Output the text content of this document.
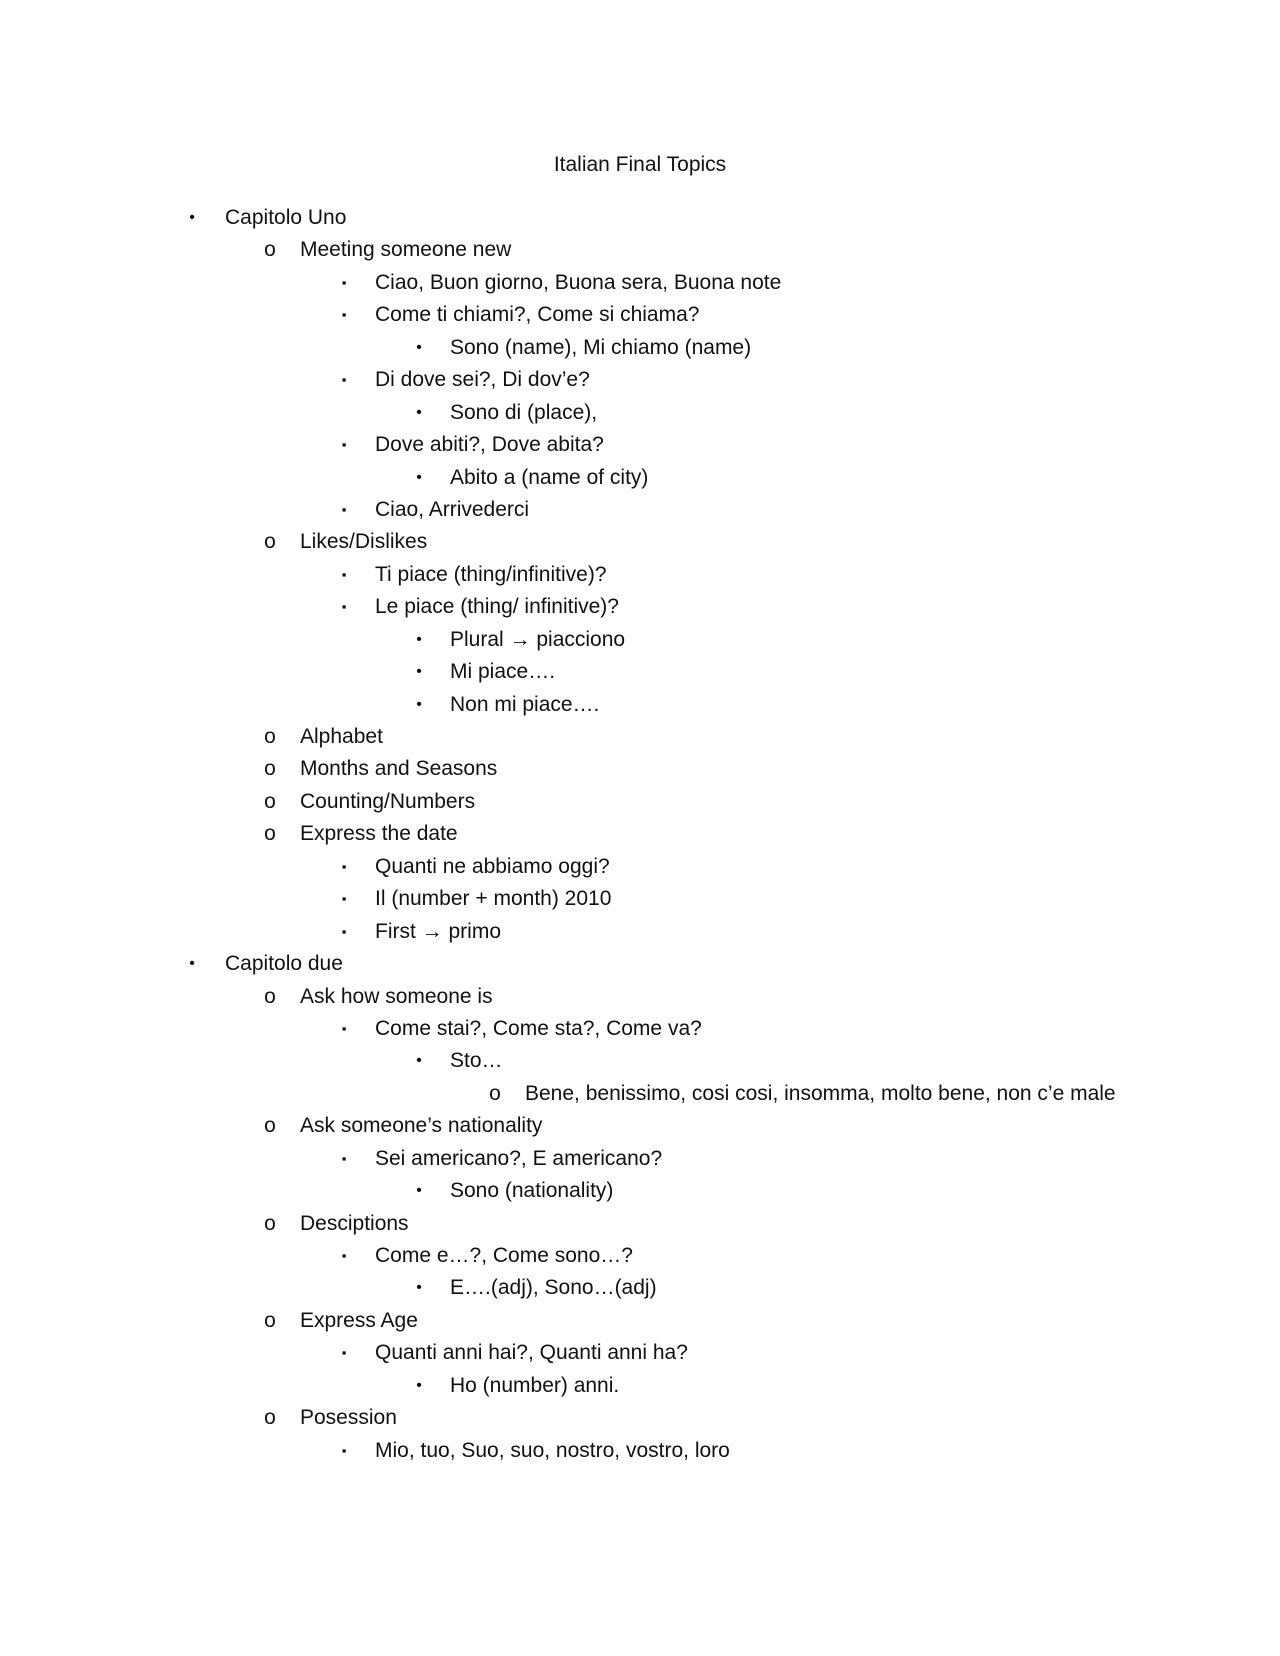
Italian Final Topics
•	Capitolo Uno
o Meeting someone new
▪	Ciao, Buon giorno, Buona sera, Buona note
▪	Come ti chiami?, Come si chiama?
•	Sono (name), Mi chiamo (name)
▪	Di dove sei?, Di dov’e?
•	Sono di (place),
▪	Dove abiti?, Dove abita?
•	Abito a (name of city)
▪	Ciao, Arrivederci
o Likes/Dislikes
▪	Ti piace (thing/infinitive)?
▪	Le piace (thing/ infinitive)?
•	Plural → piacciono
•	Mi piace….
•	Non mi piace….
o Alphabet
o Months and Seasons
o Counting/Numbers
o Express the date
▪	Quanti ne abbiamo oggi?
▪	Il (number + month) 2010
▪	First → primo
•	Capitolo due
o Ask how someone is
▪	Come stai?, Come sta?, Come va?
•	Sto…
o Bene, benissimo, cosi cosi, insomma, molto bene, non c’e male
o Ask someone’s nationality
▪	Sei americano?, E americano?
•	Sono (nationality)
o Desciptions
▪	Come e…?, Come sono…?
•	E….(adj), Sono…(adj)
o Express Age
▪	Quanti anni hai?, Quanti anni ha?
•	Ho (number) anni.
o Posession
▪	Mio, tuo, Suo, suo, nostro, vostro, loro
